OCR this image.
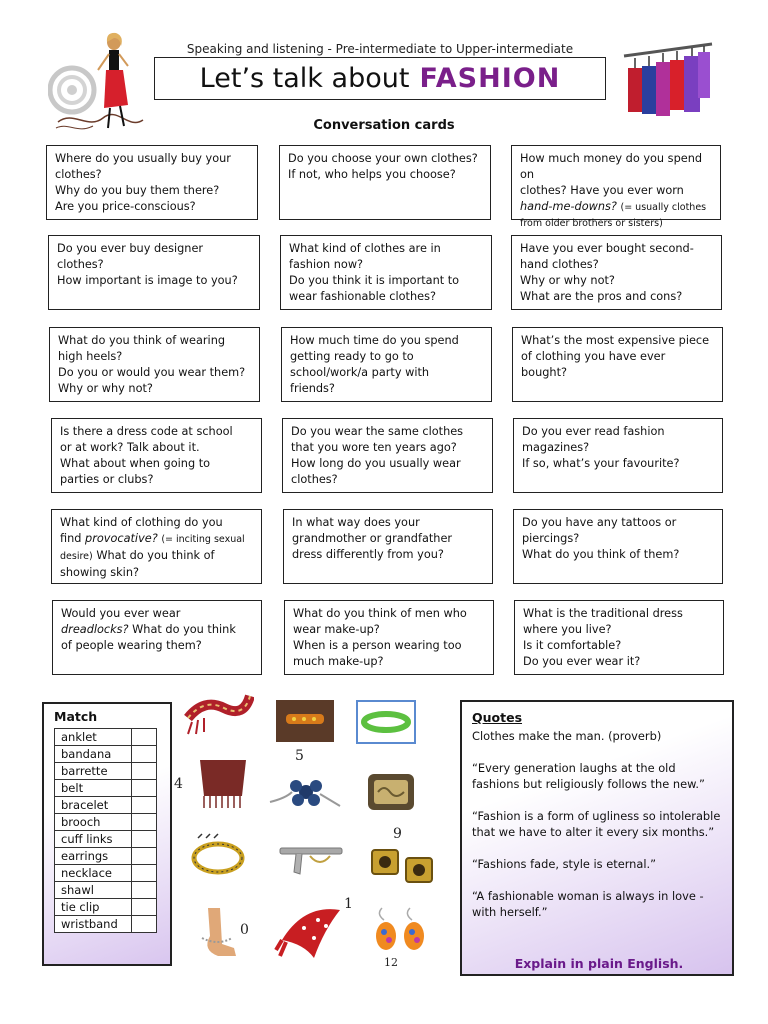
Speaking and listening - Pre-intermediate to Upper-intermediate
Let’s talk about FASHION
Conversation cards

Where do you usually buy your

clothes?

Why do you buy them there?

Are you price-conscious?

Do you choose your own clothes?

If not, who helps you choose?

How much money do you spend on

clothes? Have you ever worn

hand-me-downs? (= usually clothes

from older brothers or sisters)

Do you ever buy designer

clothes?

How important is image to you?

What kind of clothes are in

fashion now?

Do you think it is important to

wear fashionable clothes?

Have you ever bought second-

hand clothes?

Why or why not?

What are the pros and cons?

What do you think of wearing

high heels?

Do you or would you wear them?

Why or why not?

How much time do you spend

getting ready to go to

school/work/a party with

friends?

What’s the most expensive piece

of clothing you have ever

bought?

Is there a dress code at school

or at work? Talk about it.

What about when going to

parties or clubs?

Do you wear the same clothes

that you wore ten years ago?

How long do you usually wear

clothes?

Do you ever read fashion

magazines?

If so, what’s your favourite?

What kind of clothing do you

find provocative? (= inciting sexual

desire) What do you think of

showing skin?

In what way does your

grandmother or grandfather

dress differently from you?

Do you have any tattoos or

piercings?

What do you think of them?

Would you ever wear

dreadlocks? What do you think

of people wearing them?

What do you think of men who

wear make-up?

When is a person wearing too

much make-up?

What is the traditional dress

where you live?

Is it comfortable?

Do you ever wear it?

Match
anklet	
bandana	
barrette	
belt	
bracelet	
brooch	
cuff links	
earrings	
necklace	
shawl	
tie clip	
wristband	
5
4
9
1
0
12
Quotes

Clothes make the man. (proverb)

“Every generation laughs at the old fashions but religiously follows the new.”

“Fashion is a form of ugliness so intolerable that we have to alter it every six months.”

“Fashions fade, style is eternal.”

“A fashionable woman is always in love - with herself.”

Explain in plain English.
